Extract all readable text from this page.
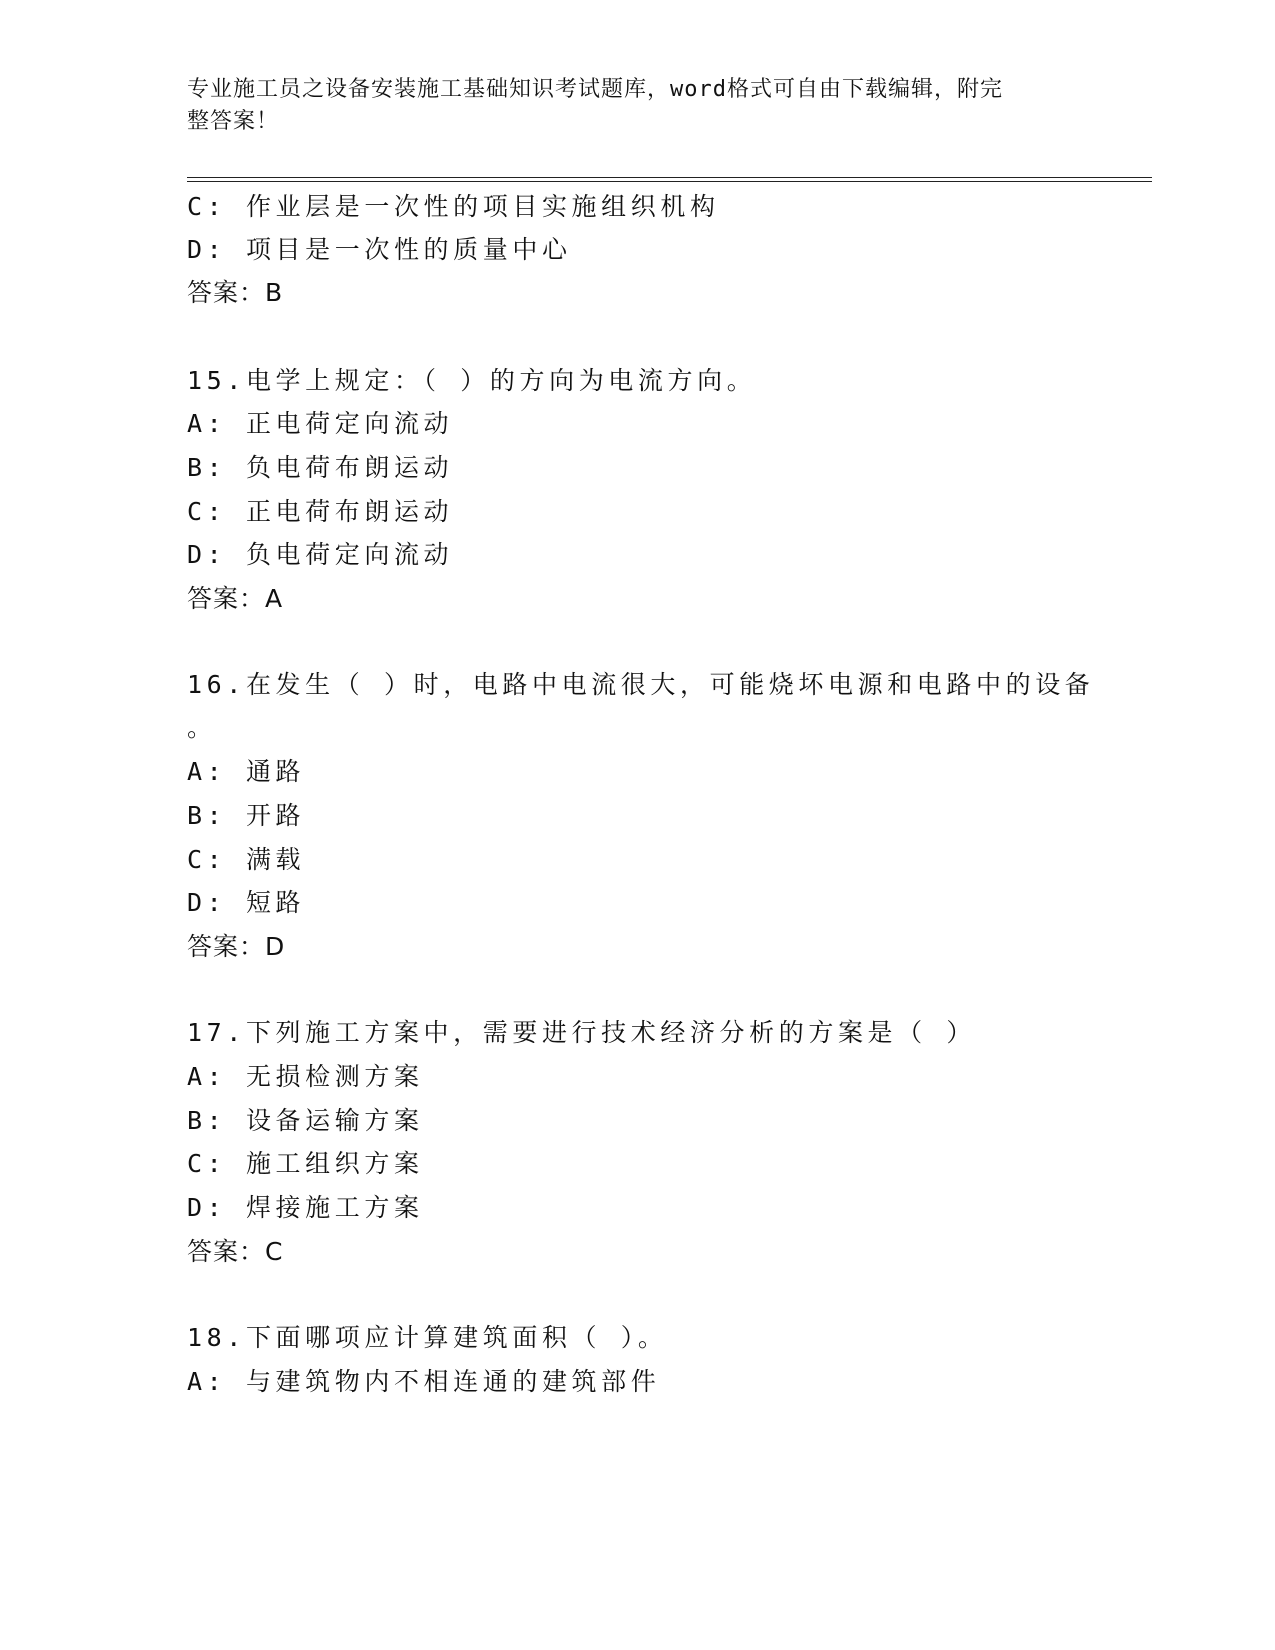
专业施工员之设备安装施工基础知识考试题库，word格式可自由下载编辑，附完
整答案！
C: 作业层是一次性的项目实施组织机构
D: 项目是一次性的质量中心
答案：B
15.电学上规定：（ ）的方向为电流方向。
A: 正电荷定向流动
B: 负电荷布朗运动
C: 正电荷布朗运动
D: 负电荷定向流动
答案：A
16.在发生（ ）时，电路中电流很大，可能烧坏电源和电路中的设备
。
A: 通路
B: 开路
C: 满载
D: 短路
答案：D
17.下列施工方案中，需要进行技术经济分析的方案是（ ）
A: 无损检测方案
B: 设备运输方案
C: 施工组织方案
D: 焊接施工方案
答案：C
18.下面哪项应计算建筑面积（ ）。
A: 与建筑物内不相连通的建筑部件
